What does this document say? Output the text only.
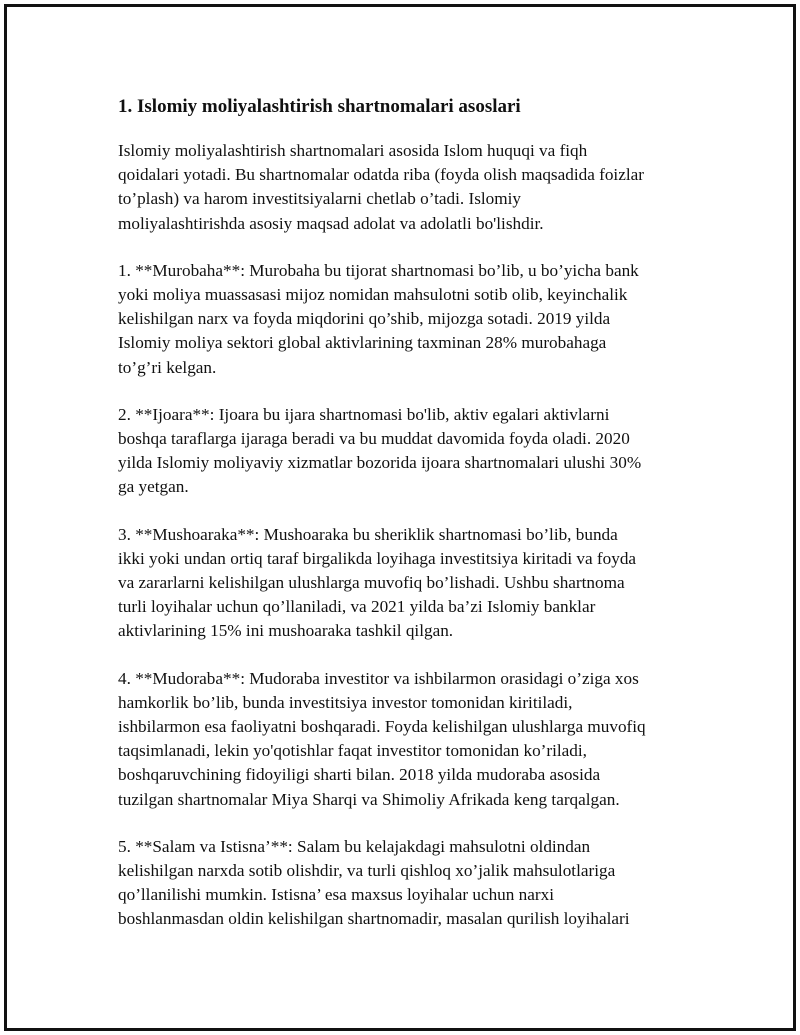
1. Islomiy moliyalashtirish shartnomalari asoslari

Islomiy moliyalashtirish shartnomalari asosida Islom huquqi va fiqh
qoidalari yotadi. Bu shartnomalar odatda riba (foyda olish maqsadida foizlar
to’plash) va harom investitsiyalarni chetlab o’tadi. Islomiy
moliyalashtirishda asosiy maqsad adolat va adolatli bo'lishdir.

1. **Murobaha**: Murobaha bu tijorat shartnomasi bo’lib, u bo’yicha bank
yoki moliya muassasasi mijoz nomidan mahsulotni sotib olib, keyinchalik
kelishilgan narx va foyda miqdorini qo’shib, mijozga sotadi. 2019 yilda
Islomiy moliya sektori global aktivlarining taxminan 28% murobahaga
to’g’ri kelgan.

2. **Ijoara**: Ijoara bu ijara shartnomasi bo'lib, aktiv egalari aktivlarni
boshqa taraflarga ijaraga beradi va bu muddat davomida foyda oladi. 2020
yilda Islomiy moliyaviy xizmatlar bozorida ijoara shartnomalari ulushi 30%
ga yetgan.

3. **Mushoaraka**: Mushoaraka bu sheriklik shartnomasi bo’lib, bunda
ikki yoki undan ortiq taraf birgalikda loyihaga investitsiya kiritadi va foyda
va zararlarni kelishilgan ulushlarga muvofiq bo’lishadi. Ushbu shartnoma
turli loyihalar uchun qo’llaniladi, va 2021 yilda ba’zi Islomiy banklar
aktivlarining 15% ini mushoaraka tashkil qilgan.

4. **Mudoraba**: Mudoraba investitor va ishbilarmon orasidagi o’ziga xos
hamkorlik bo’lib, bunda investitsiya investor tomonidan kiritiladi,
ishbilarmon esa faoliyatni boshqaradi. Foyda kelishilgan ulushlarga muvofiq
taqsimlanadi, lekin yo'qotishlar faqat investitor tomonidan ko’riladi,
boshqaruvchining fidoyiligi sharti bilan. 2018 yilda mudoraba asosida
tuzilgan shartnomalar Miya Sharqi va Shimoliy Afrikada keng tarqalgan.

5. **Salam va Istisna’**: Salam bu kelajakdagi mahsulotni oldindan
kelishilgan narxda sotib olishdir, va turli qishloq xo’jalik mahsulotlariga
qo’llanilishi mumkin. Istisna’ esa maxsus loyihalar uchun narxi
boshlanmasdan oldin kelishilgan shartnomadir, masalan qurilish loyihalari
